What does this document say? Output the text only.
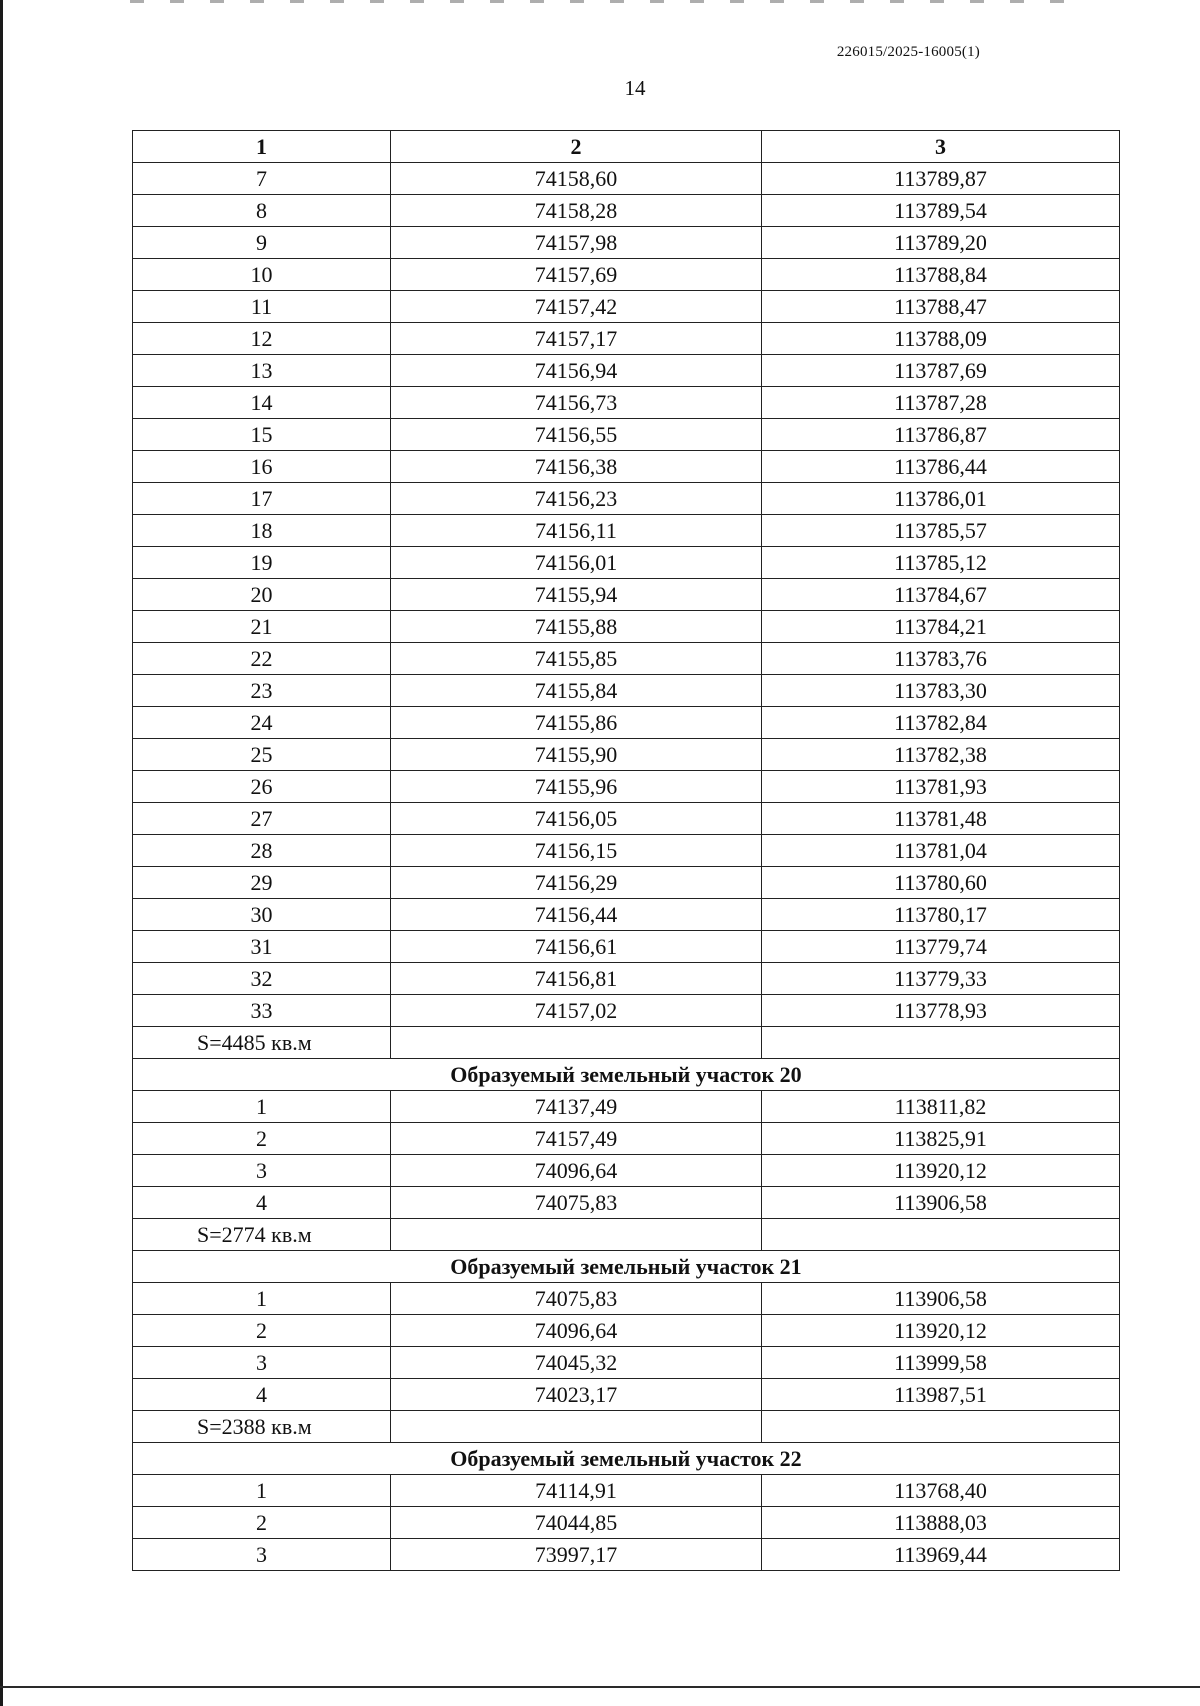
226015/2025-16005(1)
14
1	2	3
7	74158,60	113789,87
8	74158,28	113789,54
9	74157,98	113789,20
10	74157,69	113788,84
11	74157,42	113788,47
12	74157,17	113788,09
13	74156,94	113787,69
14	74156,73	113787,28
15	74156,55	113786,87
16	74156,38	113786,44
17	74156,23	113786,01
18	74156,11	113785,57
19	74156,01	113785,12
20	74155,94	113784,67
21	74155,88	113784,21
22	74155,85	113783,76
23	74155,84	113783,30
24	74155,86	113782,84
25	74155,90	113782,38
26	74155,96	113781,93
27	74156,05	113781,48
28	74156,15	113781,04
29	74156,29	113780,60
30	74156,44	113780,17
31	74156,61	113779,74
32	74156,81	113779,33
33	74157,02	113778,93
S=4485 кв.м		
Образуемый земельный участок 20		
1	74137,49	113811,82
2	74157,49	113825,91
3	74096,64	113920,12
4	74075,83	113906,58
S=2774 кв.м		
Образуемый земельный участок 21		
1	74075,83	113906,58
2	74096,64	113920,12
3	74045,32	113999,58
4	74023,17	113987,51
S=2388 кв.м		
Образуемый земельный участок 22		
1	74114,91	113768,40
2	74044,85	113888,03
3	73997,17	113969,44
